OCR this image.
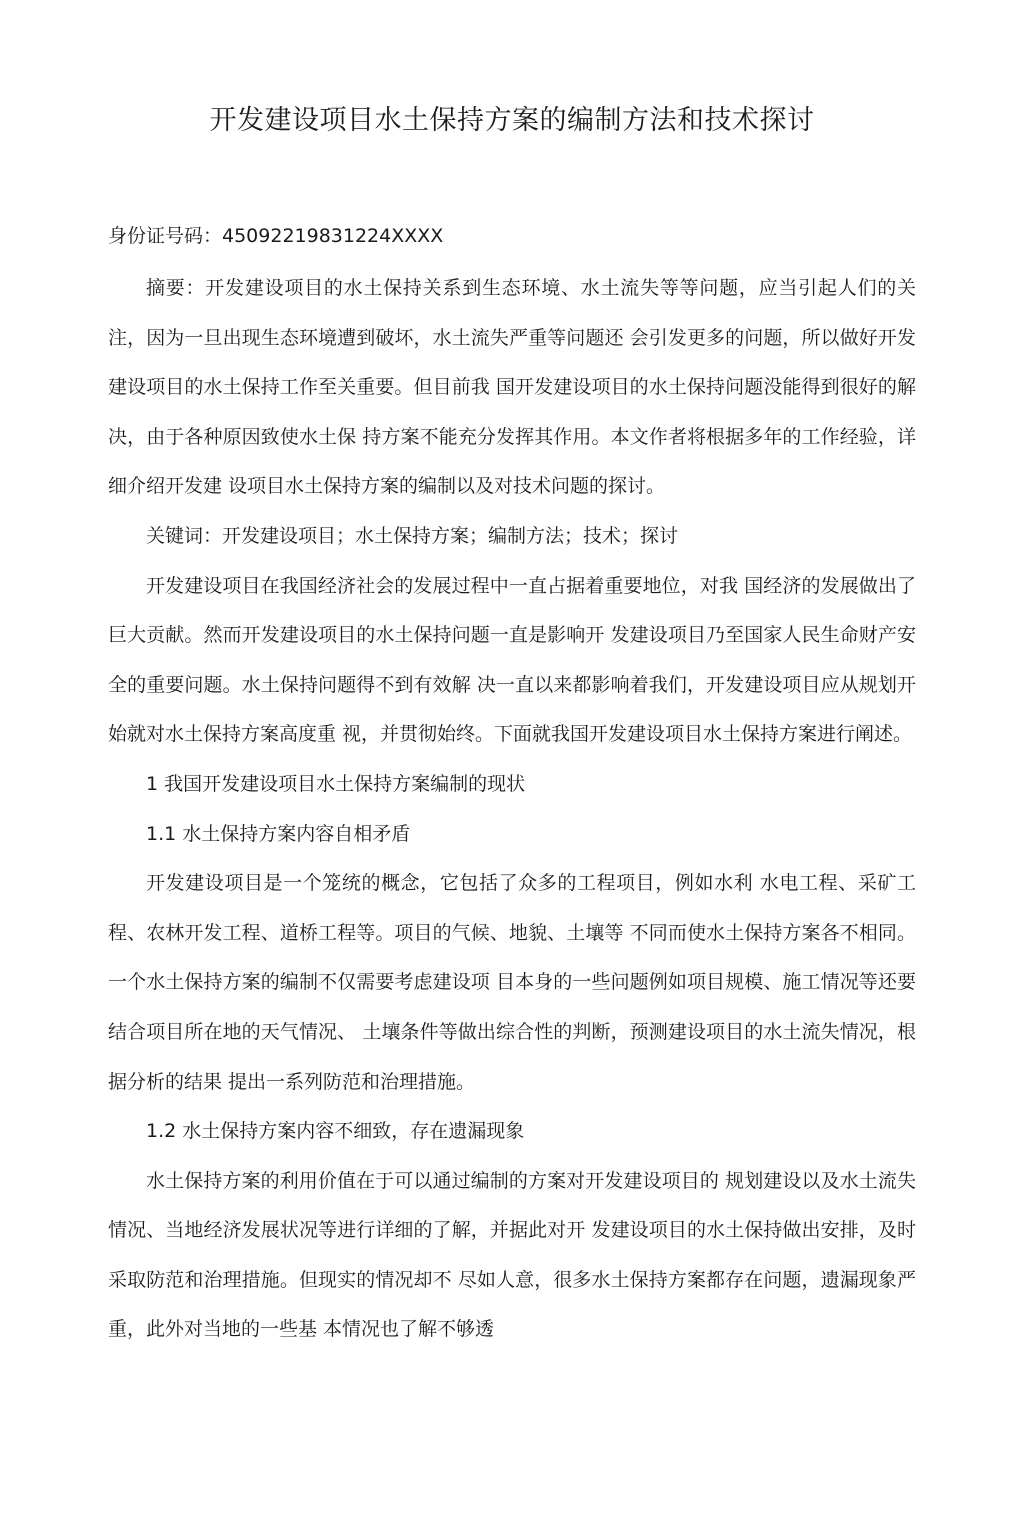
开发建设项目水土保持方案的编制方法和技术探讨
身份证号码：45092219831224XXXX

摘要：开发建设项目的水土保持关系到生态环境、水土流失等等问题，应当引起人们的关注，因为一旦出现生态环境遭到破坏，水土流失严重等问题还 会引发更多的问题，所以做好开发建设项目的水土保持工作至关重要。但目前我 国开发建设项目的水土保持问题没能得到很好的解决，由于各种原因致使水土保 持方案不能充分发挥其作用。本文作者将根据多年的工作经验，详细介绍开发建 设项目水土保持方案的编制以及对技术问题的探讨。

关键词：开发建设项目；水土保持方案；编制方法；技术；探讨

开发建设项目在我国经济社会的发展过程中一直占据着重要地位，对我 国经济的发展做出了巨大贡献。然而开发建设项目的水土保持问题一直是影响开 发建设项目乃至国家人民生命财产安全的重要问题。水土保持问题得不到有效解 决一直以来都影响着我们，开发建设项目应从规划开始就对水土保持方案高度重 视，并贯彻始终。下面就我国开发建设项目水土保持方案进行阐述。

1 我国开发建设项目水土保持方案编制的现状

1.1 水土保持方案内容自相矛盾

开发建设项目是一个笼统的概念，它包括了众多的工程项目，例如水利 水电工程、采矿工程、农林开发工程、道桥工程等。项目的气候、地貌、土壤等 不同而使水土保持方案各不相同。一个水土保持方案的编制不仅需要考虑建设项 目本身的一些问题例如项目规模、施工情况等还要结合项目所在地的天气情况、 土壤条件等做出综合性的判断，预测建设项目的水土流失情况，根据分析的结果 提出一系列防范和治理措施。

1.2 水土保持方案内容不细致，存在遗漏现象

水土保持方案的利用价值在于可以通过编制的方案对开发建设项目的 规划建设以及水土流失情况、当地经济发展状况等进行详细的了解，并据此对开 发建设项目的水土保持做出安排，及时采取防范和治理措施。但现实的情况却不 尽如人意，很多水土保持方案都存在问题，遗漏现象严重，此外对当地的一些基 本情况也了解不够透
